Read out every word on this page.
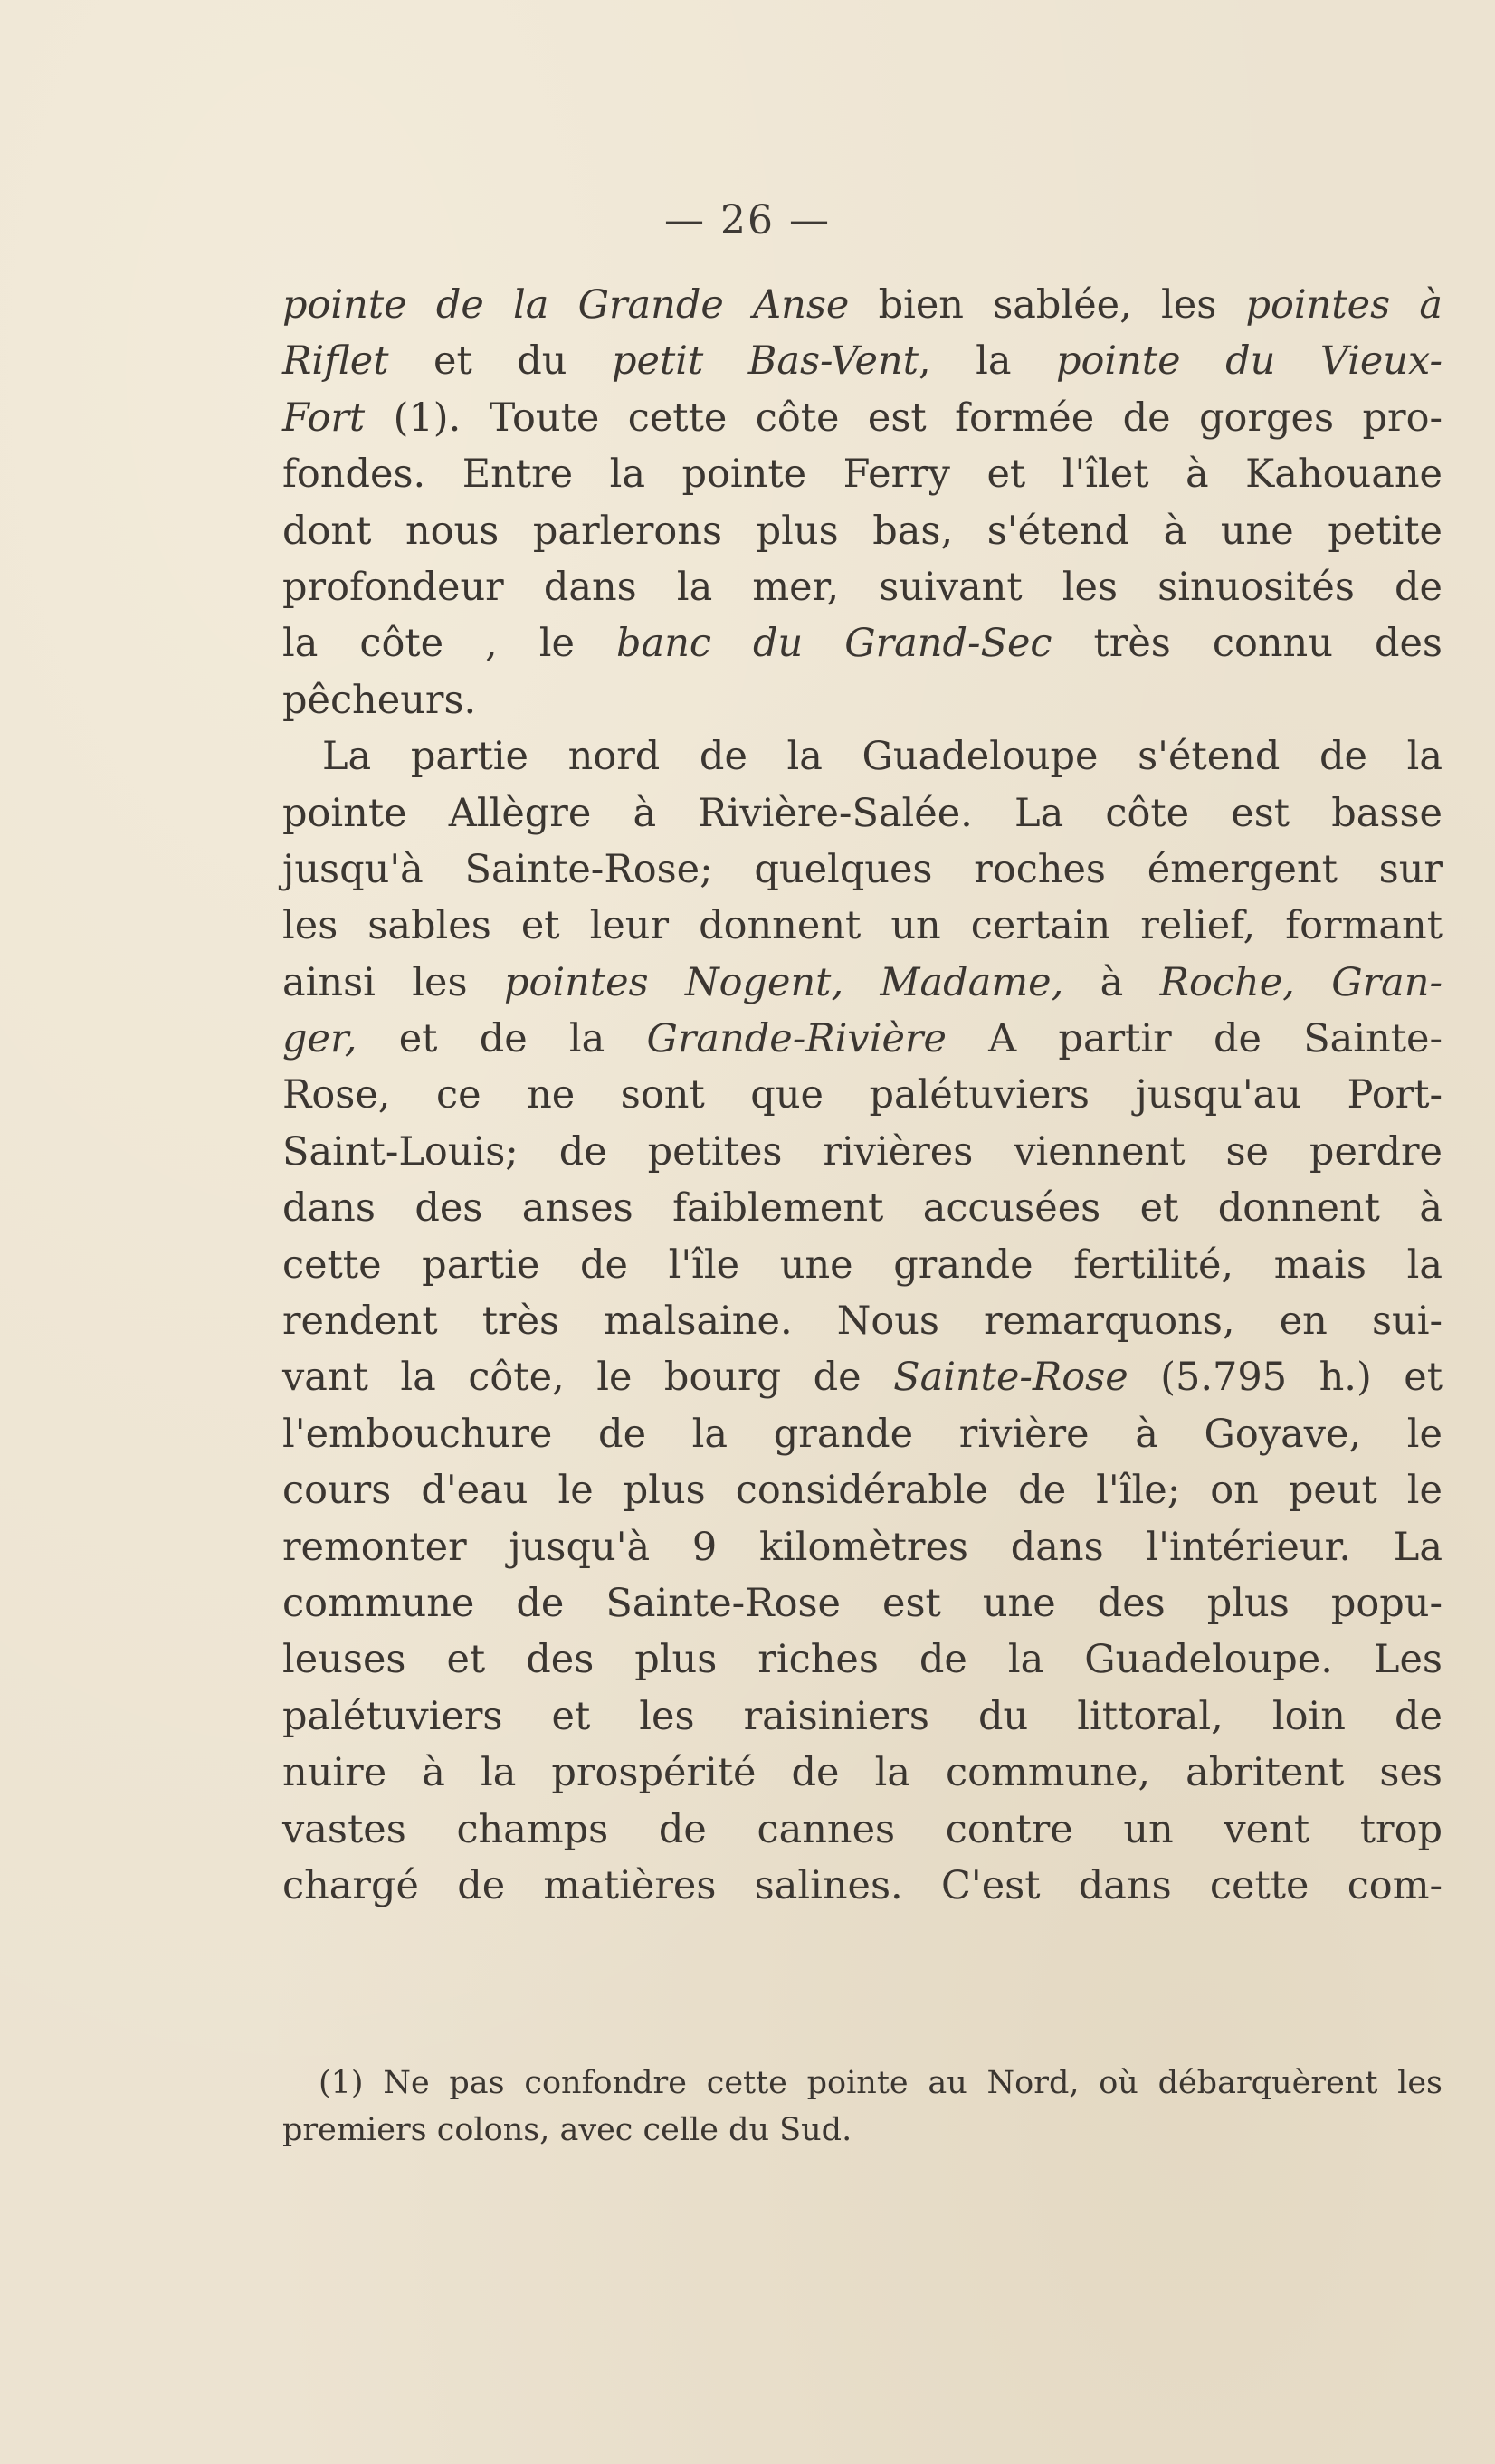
— 26 —
pointe de la Grande Anse bien sablée, les pointes à
Riflet et du petit Bas-Vent, la pointe du Vieux-
Fort (1). Toute cette côte est formée de gorges pro-
fondes. Entre la pointe Ferry et l'îlet à Kahouane
dont nous parlerons plus bas, s'étend à une petite
profondeur dans la mer, suivant les sinuosités de
la côte , le banc du Grand-Sec très connu des
pêcheurs.
La partie nord de la Guadeloupe s'étend de la
pointe Allègre à Rivière-Salée. La côte est basse
jusqu'à Sainte-Rose; quelques roches émergent sur
les sables et leur donnent un certain relief, formant
ainsi les pointes Nogent, Madame, à Roche, Gran-
ger, et de la Grande-Rivière A partir de Sainte-
Rose, ce ne sont que palétuviers jusqu'au Port-
Saint-Louis; de petites rivières viennent se perdre
dans des anses faiblement accusées et donnent à
cette partie de l'île une grande fertilité, mais la
rendent très malsaine. Nous remarquons, en sui-
vant la côte, le bourg de Sainte-Rose (5.795 h.) et
l'embouchure de la grande rivière à Goyave, le
cours d'eau le plus considérable de l'île; on peut le
remonter jusqu'à 9 kilomètres dans l'intérieur. La
commune de Sainte-Rose est une des plus popu-
leuses et des plus riches de la Guadeloupe. Les
palétuviers et les raisiniers du littoral, loin de
nuire à la prospérité de la commune, abritent ses
vastes champs de cannes contre un vent trop
chargé de matières salines. C'est dans cette com-
(1) Ne pas confondre cette pointe au Nord, où débarquèrent les
premiers colons, avec celle du Sud.
